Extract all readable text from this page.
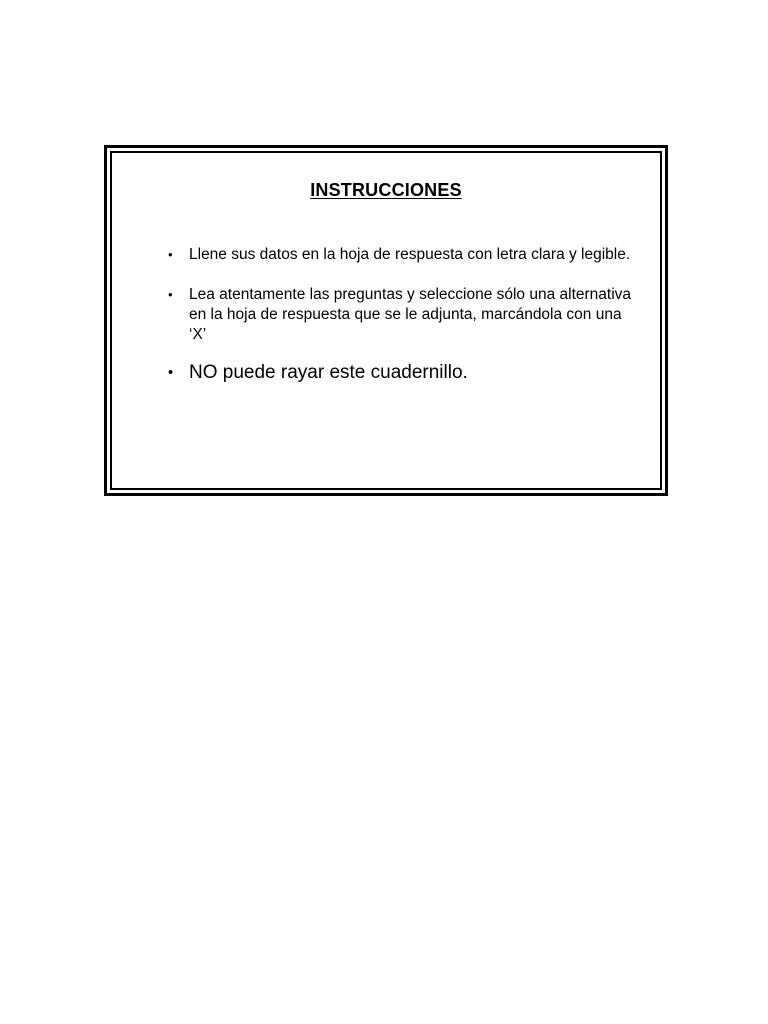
INSTRUCCIONES
• Llene sus datos en la hoja de respuesta con letra clara y legible.
• Lea atentamente las preguntas y seleccione sólo una alternativa en la hoja de respuesta que se le adjunta, marcándola con una ‘X’
• NO puede rayar este cuadernillo.
